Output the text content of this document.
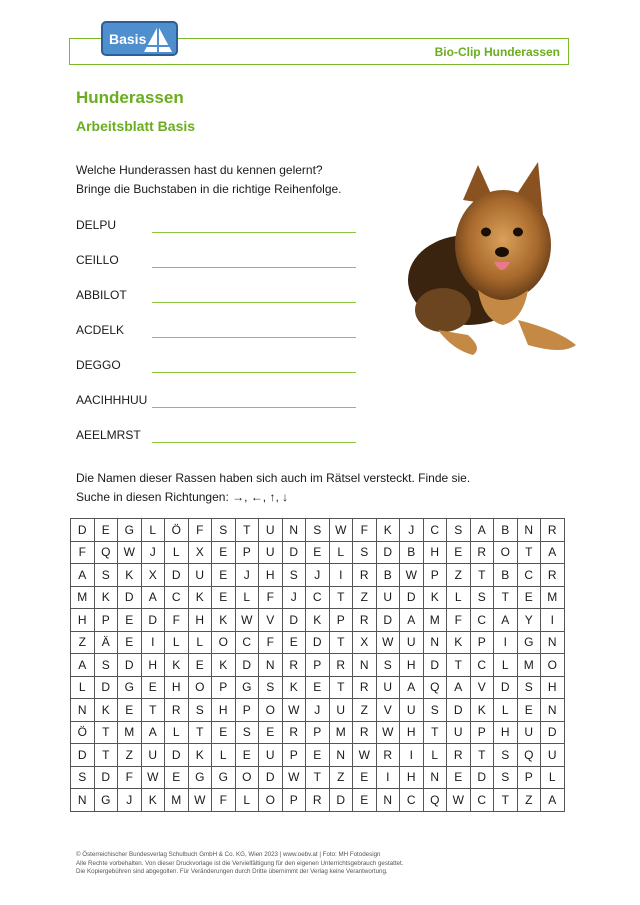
Bio-Clip Hunderassen
Basis
Hunderassen
Arbeitsblatt Basis

Welche Hunderassen hast du kennen gelernt?

Bringe die Buchstaben in die richtige Reihenfolge.

DELPU
CEILLO
ABBILOT
ACDELK
DEGGO
AACIHHHUU
AEELMRST

Die Namen dieser Rassen haben sich auch im Rätsel versteckt. Finde sie.

Suche in diesen Richtungen: →, ←, ↑, ↓

D	E	G	L	Ö	F	S	T	U	N	S	W	F	K	J	C	S	A	B	N	R
F	Q	W	J	L	X	E	P	U	D	E	L	S	D	B	H	E	R	O	T	A
A	S	K	X	D	U	E	J	H	S	J	I	R	B	W	P	Z	T	B	C	R
M	K	D	A	C	K	E	L	F	J	C	T	Z	U	D	K	L	S	T	E	M
H	P	E	D	F	H	K	W	V	D	K	P	R	D	A	M	F	C	A	Y	I
Z	Ä	E	I	L	L	O	C	F	E	D	T	X	W	U	N	K	P	I	G	N
A	S	D	H	K	E	K	D	N	R	P	R	N	S	H	D	T	C	L	M	O
L	D	G	E	H	O	P	G	S	K	E	T	R	U	A	Q	A	V	D	S	H
N	K	E	T	R	S	H	P	O	W	J	U	Z	V	U	S	D	K	L	E	N
Ö	T	M	A	L	T	E	S	E	R	P	M	R	W	H	T	U	P	H	U	D
D	T	Z	U	D	K	L	E	U	P	E	N	W	R	I	L	R	T	S	Q	U
S	D	F	W	E	G	G	O	D	W	T	Z	E	I	H	N	E	D	S	P	L
N	G	J	K	M	W	F	L	O	P	R	D	E	N	C	Q	W	C	T	Z	A
© Österreichischer Bundesverlag Schulbuch GmbH & Co. KG, Wien 2023 | www.oebv.at | Foto: MH Fotodesign
Alle Rechte vorbehalten. Von dieser Druckvorlage ist die Vervielfältigung für den eigenen Unterrichtsgebrauch gestattet.
Die Kopiergebühren sind abgegolten. Für Veränderungen durch Dritte übernimmt der Verlag keine Verantwortung.
